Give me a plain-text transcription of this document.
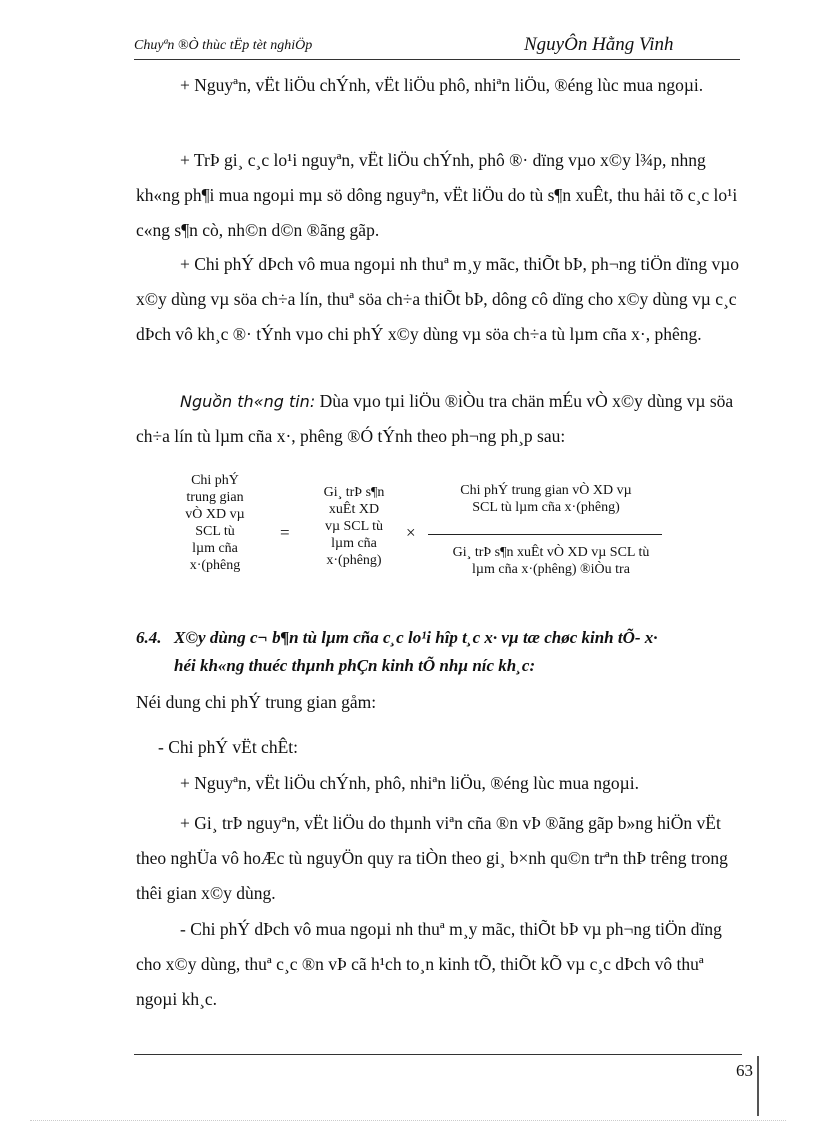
Chuyªn ®Ò thùc tËp tèt nghiÖp	NguyÔn Hằng Vinh

+ Nguyªn, vËt liÖu chÝnh, vËt liÖu phô, nhiªn liÖu, ®éng lùc mua ngoµi.

+ TrÞ gi¸ c¸c lo¹i nguyªn, vËt liÖu chÝnh, phô ®· dïng vµo x©y l¾p, nhng kh«ng ph¶i mua ngoµi mµ sö dông nguyªn, vËt liÖu do tù s¶n xuÊt, thu hải tõ c¸c lo¹i c«ng s¶n cò, nh©n d©n ®ãng gãp.

+ Chi phÝ dÞch vô mua ngoµi nh thuª m¸y mãc, thiÕt bÞ, ph¬ng tiÖn dïng vµo x©y dùng vµ söa ch÷a lín, thuª söa ch÷a thiÕt bÞ, dông cô dïng cho x©y dùng vµ c¸c dÞch vô kh¸c ®· tÝnh vµo chi phÝ x©y dùng vµ söa ch÷a tù lµm cña x·, phêng.

Nguồn th«ng tin: Dùa vµo tµi liÖu ®iÒu tra chän mÉu vÒ x©y dùng vµ söa ch÷a lín tù lµm cña x·, phêng ®Ó tÝnh theo ph¬ng ph¸p sau:

Chi phÝ
trung gian
vÒ XD vµ
SCL tù
lµm cña
x·(phêng
=
Gi¸ trÞ s¶n
xuÊt XD
vµ SCL tù
lµm cña
x·(phêng)
×
Chi phÝ trung gian vÒ XD vµ
SCL tù lµm cña x·(phêng)
Gi¸ trÞ s¶n xuÊt vÒ XD vµ SCL tù
lµm cña x·(phêng) ®iÒu tra
6.4. X©y dùng c¬ b¶n tù lµm cña c¸c lo¹i hîp t¸c x· vµ tæ chøc kinh tÕ- x·
héi kh«ng thuéc thµnh phÇn kinh tÕ nhµ níc kh¸c:

Néi dung chi phÝ trung gian gåm:

- Chi phÝ vËt chÊt:

+ Nguyªn, vËt liÖu chÝnh, phô, nhiªn liÖu, ®éng lùc mua ngoµi.

+ Gi¸ trÞ nguyªn, vËt liÖu do thµnh viªn cña ®n vÞ ®ãng gãp b»ng hiÖn vËt theo nghÜa vô hoÆc tù nguyÖn quy ra tiÒn theo gi¸ b×nh qu©n trªn thÞ trêng trong thêi gian x©y dùng.

- Chi phÝ dÞch vô mua ngoµi nh thuª m¸y mãc, thiÕt bÞ vµ ph¬ng tiÖn dïng cho x©y dùng, thuª c¸c ®n vÞ cã h¹ch to¸n kinh tÕ, thiÕt kÕ vµ c¸c dÞch vô thuª ngoµi kh¸c.

63
